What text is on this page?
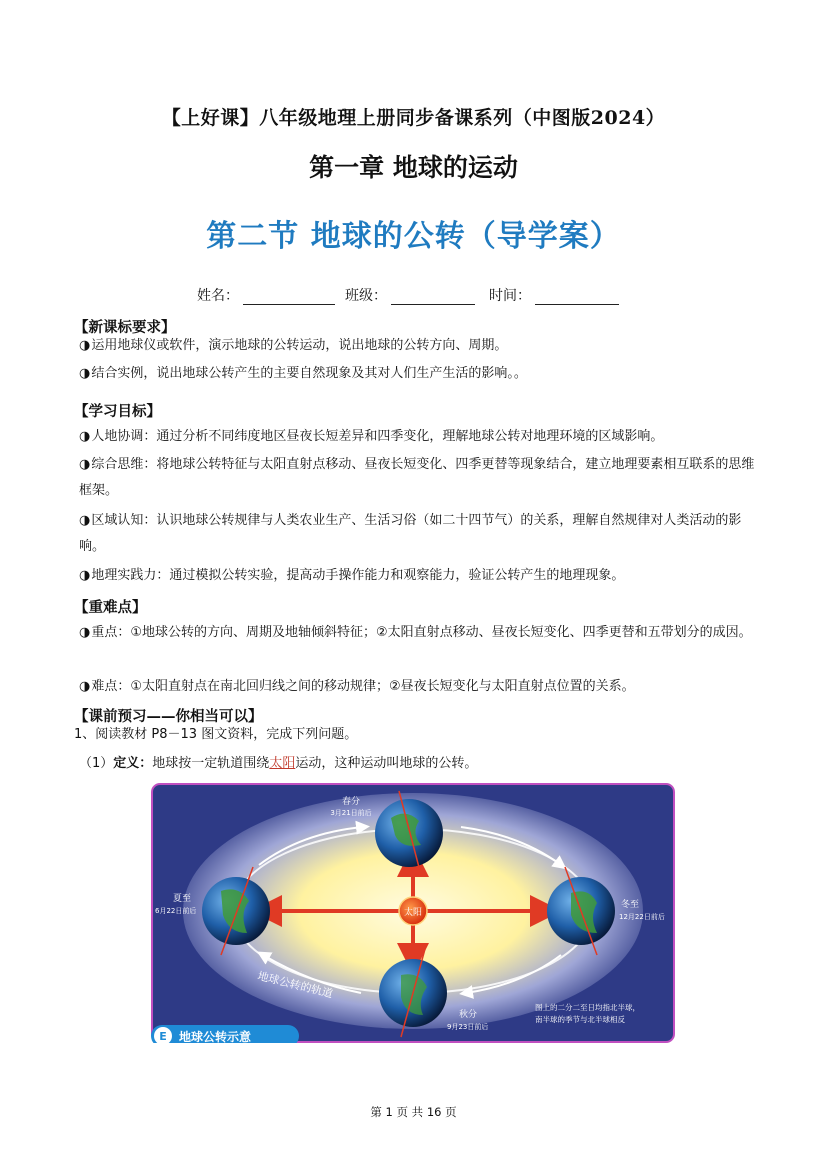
【上好课】八年级地理上册同步备课系列（中图版2024）
第一章 地球的运动
第二节 地球的公转（导学案）
姓名：	班级：	时间：
【新课标要求】
◑运用地球仪或软件，演示地球的公转运动，说出地球的公转方向、周期。
◑结合实例，说出地球公转产生的主要自然现象及其对人们生产生活的影响。。
【学习目标】
◑人地协调：通过分析不同纬度地区昼夜长短差异和四季变化，理解地球公转对地理环境的区域影响。
◑综合思维：将地球公转特征与太阳直射点移动、昼夜长短变化、四季更替等现象结合，建立地理要素相互联系的思维框架。
◑区域认知：认识地球公转规律与人类农业生产、生活习俗（如二十四节气）的关系，理解自然规律对人类活动的影响。
◑地理实践力：通过模拟公转实验，提高动手操作能力和观察能力，验证公转产生的地理现象。
【重难点】
◑重点：①地球公转的方向、周期及地轴倾斜特征；②太阳直射点移动、昼夜长短变化、四季更替和五带划分的成因。
◑难点：①太阳直射点在南北回归线之间的移动规律；②昼夜长短变化与太阳直射点位置的关系。
【课前预习——你相当可以】
1、阅读教材 P8－13 图文资料，完成下列问题。
（1）定义：地球按一定轨道围绕太阳运动，这种运动叫地球的公转。
太阳
春分
3月21日前后
夏至
6月22日前后
冬至
12月22日前后
秋分
9月23日前后
地球公转的轨道
图上的二分二至日均指北半球，
南半球的季节与北半球相反
E 地球公转示意
第 1 页 共 16 页
